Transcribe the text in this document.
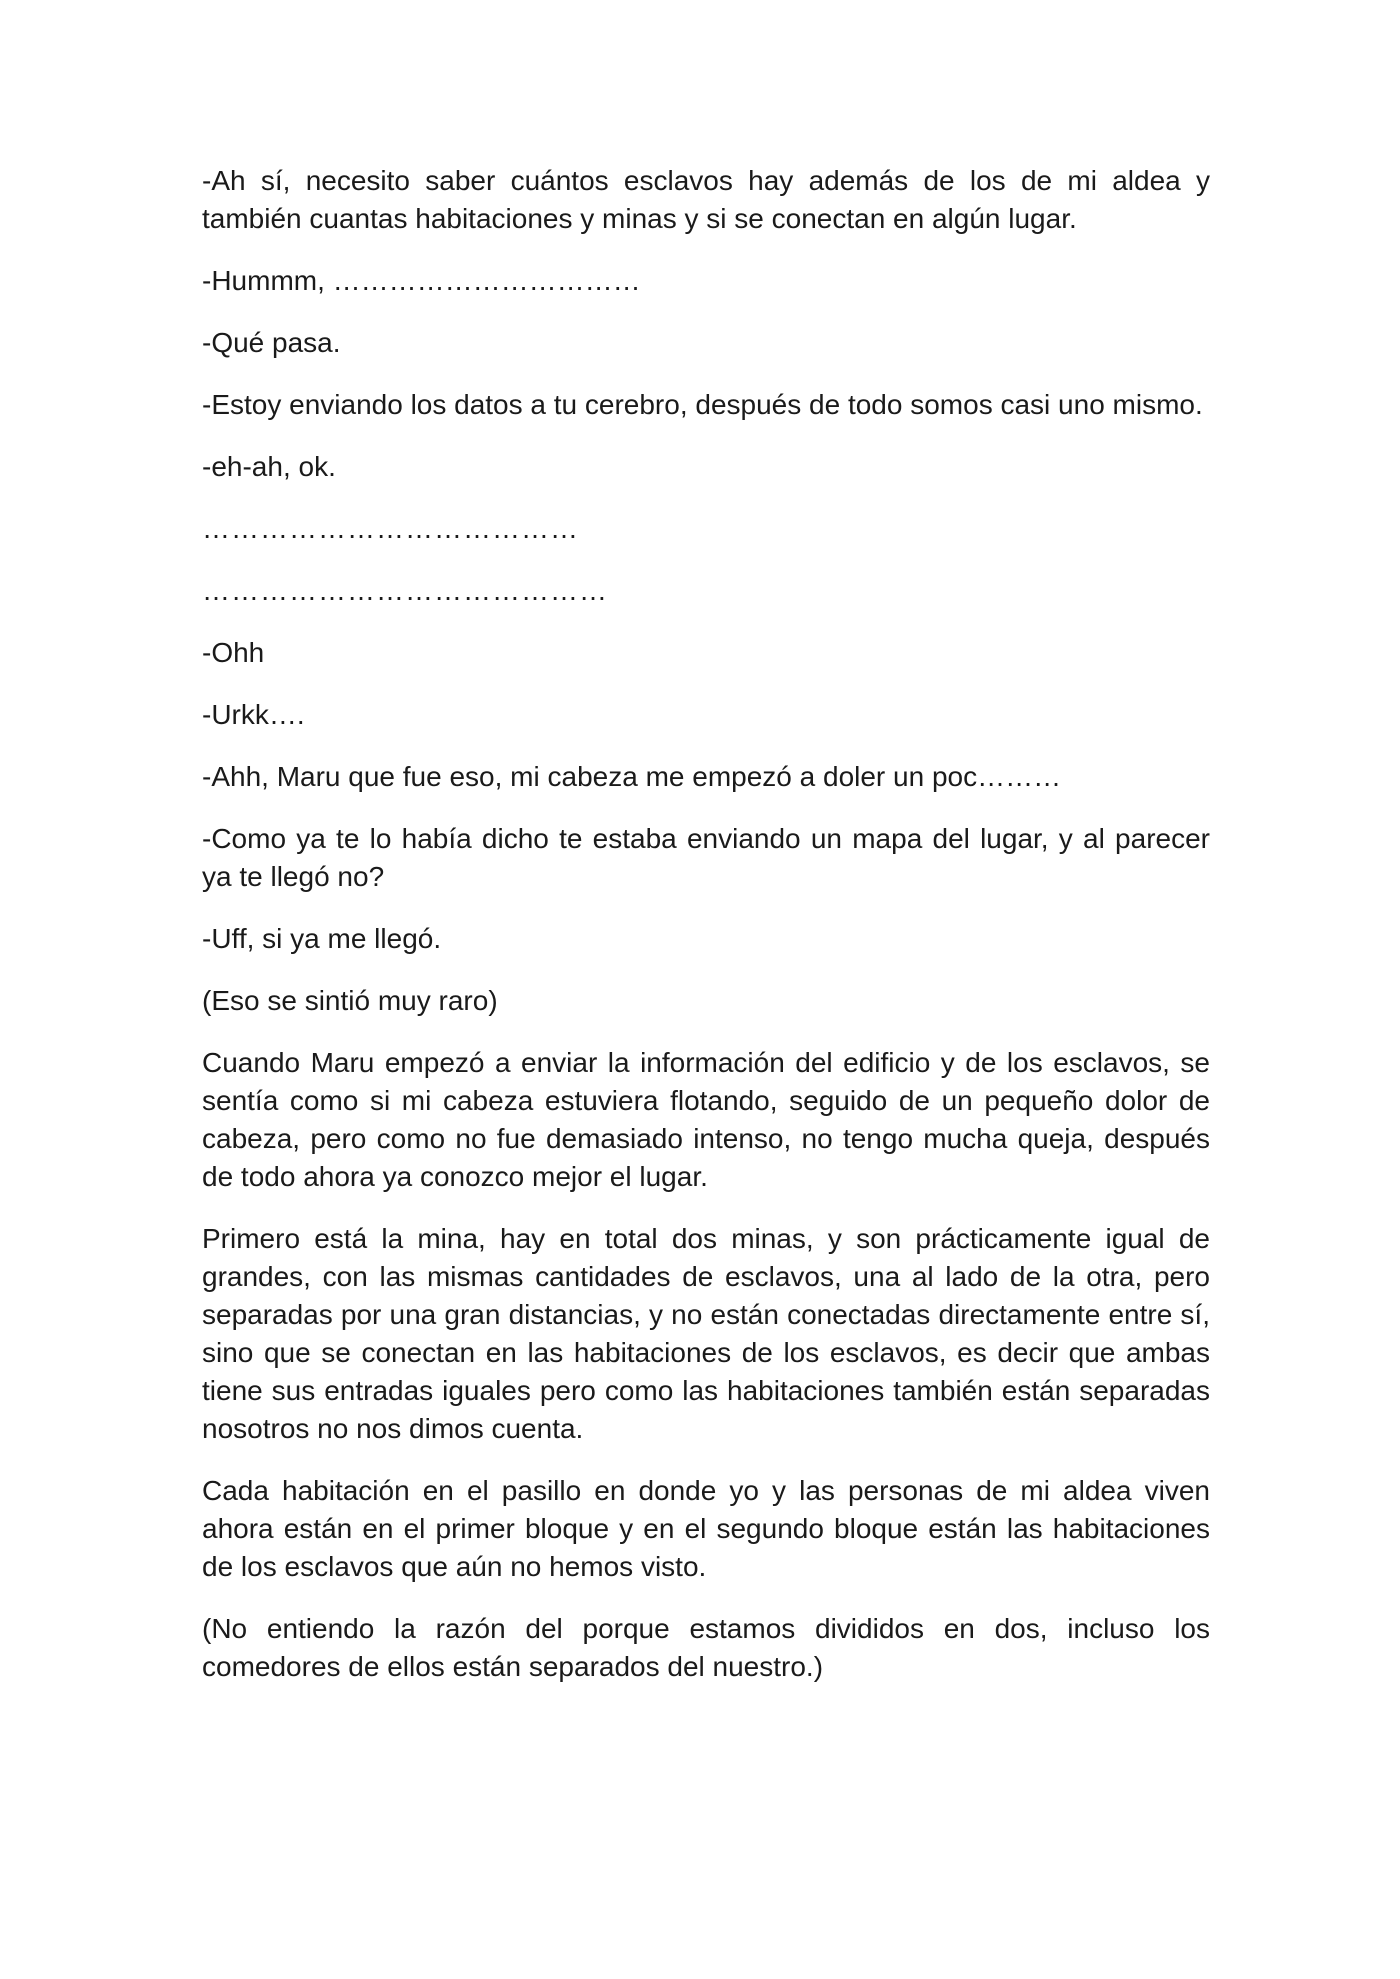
-Ah sí, necesito saber cuántos esclavos hay además de los de mi aldea y también cuantas habitaciones y minas y si se conectan en algún lugar.

-Hummm, ……………………………

-Qué pasa.

-Estoy enviando los datos a tu cerebro, después de todo somos casi uno mismo.

-eh-ah, ok.

…………………………………

……………………………………

-Ohh

-Urkk….

-Ahh, Maru que fue eso, mi cabeza me empezó a doler un poc………

-Como ya te lo había dicho te estaba enviando un mapa del lugar, y al parecer ya te llegó no?

-Uff, si ya me llegó.

(Eso se sintió muy raro)

Cuando Maru empezó a enviar la información del edificio y de los esclavos, se sentía como si mi cabeza estuviera flotando, seguido de un pequeño dolor de cabeza, pero como no fue demasiado intenso, no tengo mucha queja, después de todo ahora ya conozco mejor el lugar.

Primero está la mina, hay en total dos minas, y son prácticamente igual de grandes, con las mismas cantidades de esclavos, una al lado de la otra, pero separadas por una gran distancias, y no están conectadas directamente entre sí, sino que se conectan en las habitaciones de los esclavos, es decir que ambas tiene sus entradas iguales pero como las habitaciones también están separadas nosotros no nos dimos cuenta.

Cada habitación en el pasillo en donde yo y las personas de mi aldea viven ahora están en el primer bloque y en el segundo bloque están las habitaciones de los esclavos que aún no hemos visto.

(No entiendo la razón del porque estamos divididos en dos, incluso los comedores de ellos están separados del nuestro.)
